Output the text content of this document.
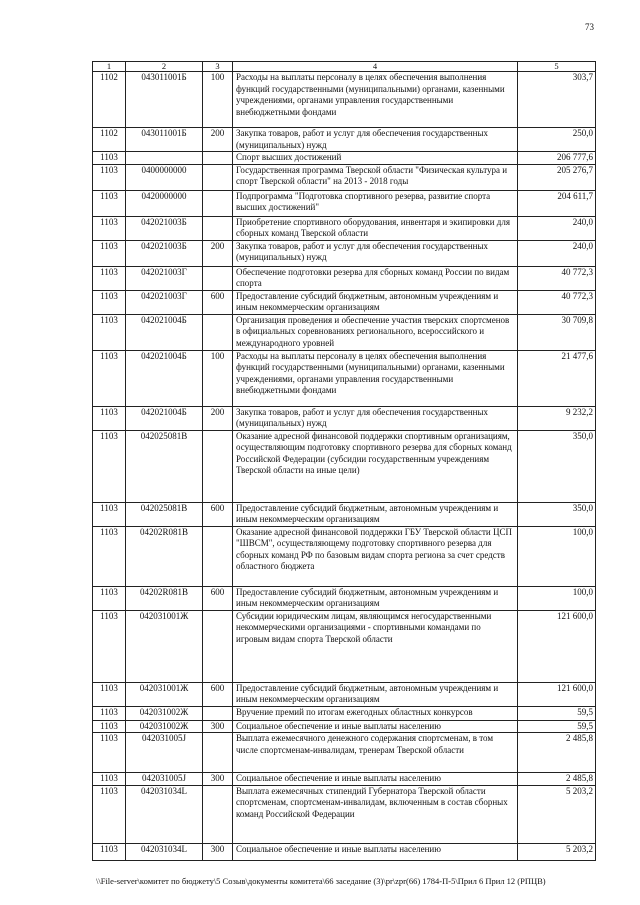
73
1	2	3	4	5
1102	043011001Б	100	Расходы на выплаты персоналу в целях обеспечения выполнения функций государственными (муниципальными) органами, казенными учреждениями, органами управления государственными внебюджетными фондами	303,7
1102	043011001Б	200	Закупка товаров, работ и услуг для обеспечения государственных (муниципальных) нужд	250,0
1103			Спорт высших достижений	206 777,6
1103	0400000000		Государственная программа Тверской области "Физическая культура и спорт Тверской области" на 2013 - 2018 годы	205 276,7
1103	0420000000		Подпрограмма "Подготовка спортивного резерва, развитие спорта высших достижений"	204 611,7
1103	042021003Б		Приобретение спортивного оборудования, инвентаря и экипировки для сборных команд Тверской области	240,0
1103	042021003Б	200	Закупка товаров, работ и услуг для обеспечения государственных (муниципальных) нужд	240,0
1103	042021003Г		Обеспечение подготовки резерва для сборных команд России по видам спорта	40 772,3
1103	042021003Г	600	Предоставление субсидий бюджетным, автономным учреждениям и иным некоммерческим организациям	40 772,3
1103	042021004Б		Организация проведения и обеспечение участия тверских спортсменов в официальных соревнованиях регионального, всероссийского и международного уровней	30 709,8
1103	042021004Б	100	Расходы на выплаты персоналу в целях обеспечения выполнения функций государственными (муниципальными) органами, казенными учреждениями, органами управления государственными внебюджетными фондами	21 477,6
1103	042021004Б	200	Закупка товаров, работ и услуг для обеспечения государственных (муниципальных) нужд	9 232,2
1103	042025081В		Оказание адресной финансовой поддержки спортивным организациям, осуществляющим подготовку спортивного резерва для сборных команд Российской Федерации (субсидии государственным учреждениям Тверской области на иные цели)	350,0
1103	042025081В	600	Предоставление субсидий бюджетным, автономным учреждениям и иным некоммерческим организациям	350,0
1103	04202R081В		Оказание адресной финансовой поддержки ГБУ Тверской области ЦСП "ШВСМ", осуществляющему подготовку спортивного резерва для сборных команд РФ по базовым видам спорта региона за счет средств областного бюджета	100,0
1103	04202R081В	600	Предоставление субсидий бюджетным, автономным учреждениям и иным некоммерческим организациям	100,0
1103	042031001Ж		Субсидии юридическим лицам, являющимся негосударственными некоммерческими организациями - спортивными командами по игровым видам спорта Тверской области	121 600,0
1103	042031001Ж	600	Предоставление субсидий бюджетным, автономным учреждениям и иным некоммерческим организациям	121 600,0
1103	042031002Ж		Вручение премий по итогам ежегодных областных конкурсов	59,5
1103	042031002Ж	300	Социальное обеспечение и иные выплаты населению	59,5
1103	042031005J		Выплата ежемесячного денежного содержания спортсменам, в том числе спортсменам-инвалидам, тренерам Тверской области	2 485,8
1103	042031005J	300	Социальное обеспечение и иные выплаты населению	2 485,8
1103	042031034L		Выплата ежемесячных стипендий Губернатора Тверской области спортсменам, спортсменам-инвалидам, включенным в состав сборных команд Российской Федерации	5 203,2
1103	042031034L	300	Социальное обеспечение и иные выплаты населению	5 203,2
\\File-server\комитет по бюджету\5 Созыв\документы комитета\66 заседание (3)\pr\zpr(66) 1784-П-5\Прил 6 Прил 12 (РПЦВ)
